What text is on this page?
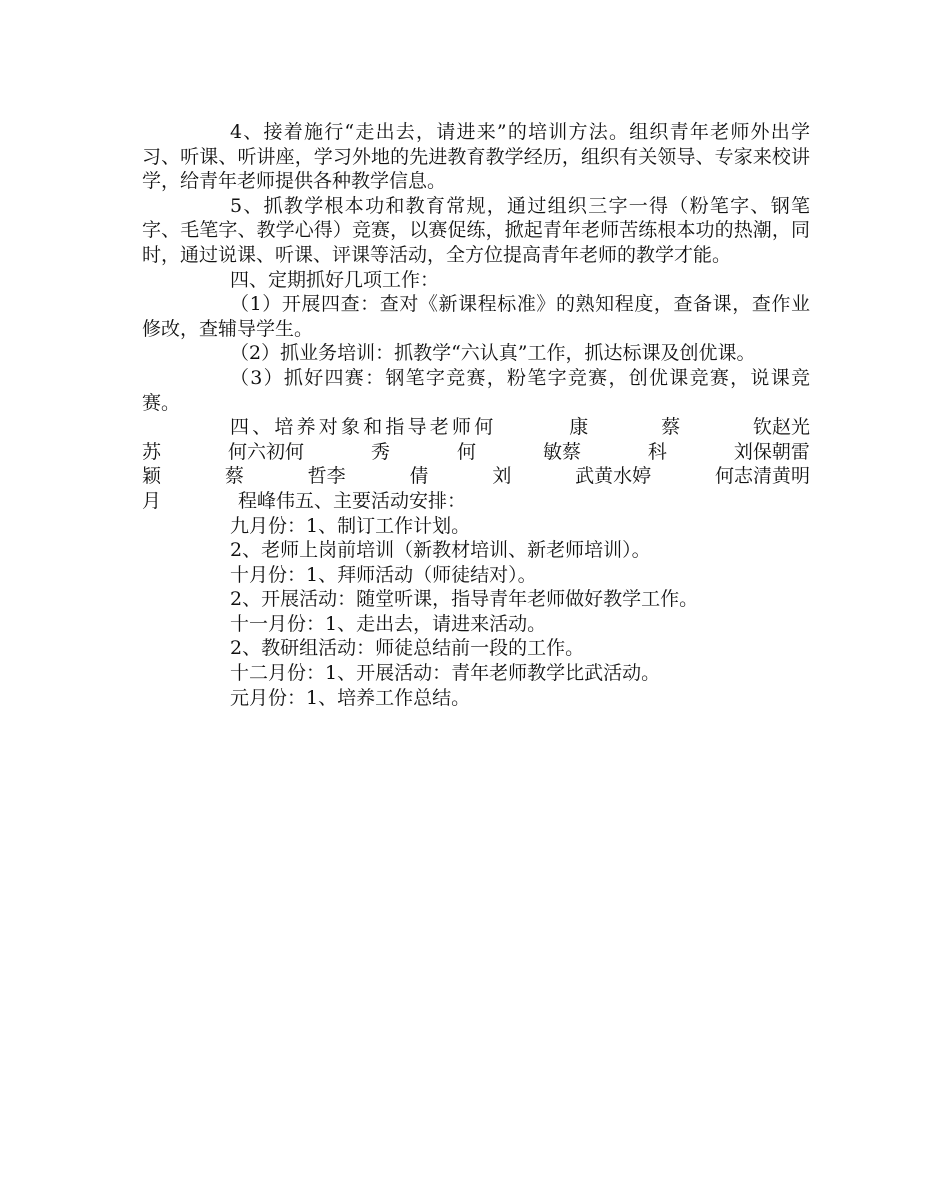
4、接着施行“走出去，请进来”的培训方法。组织青年老师外出学习、听课、听讲座，学习外地的先进教育教学经历，组织有关领导、专家来校讲学，给青年老师提供各种教学信息。

5、抓教学根本功和教育常规，通过组织三字一得（粉笔字、钢笔字、毛笔字、教学心得）竞赛，以赛促练，掀起青年老师苦练根本功的热潮，同时，通过说课、听课、评课等活动，全方位提高青年老师的教学才能。

四、定期抓好几项工作：

（1）开展四查：查对《新课程标准》的熟知程度，查备课，查作业修改，查辅导学生。

（2）抓业务培训：抓教学“六认真”工作，抓达标课及创优课。

（3）抓好四赛：钢笔字竞赛，粉笔字竞赛，创优课竞赛，说课竞赛。

四、培养对象和指导老师何	康	蔡	钦赵光
苏	何六初何	秀	何	敏蔡	科	刘保朝雷
颖	蔡	哲李	倩	刘	武黄水婷	何志清黄明
月	程峰伟五、主要活动安排：

九月份：1、制订工作计划。

2、老师上岗前培训（新教材培训、新老师培训）。

十月份：1、拜师活动（师徒结对）。

2、开展活动：随堂听课，指导青年老师做好教学工作。

十一月份：1、走出去，请进来活动。

2、教研组活动：师徒总结前一段的工作。

十二月份：1、开展活动：青年老师教学比武活动。

元月份：1、培养工作总结。
